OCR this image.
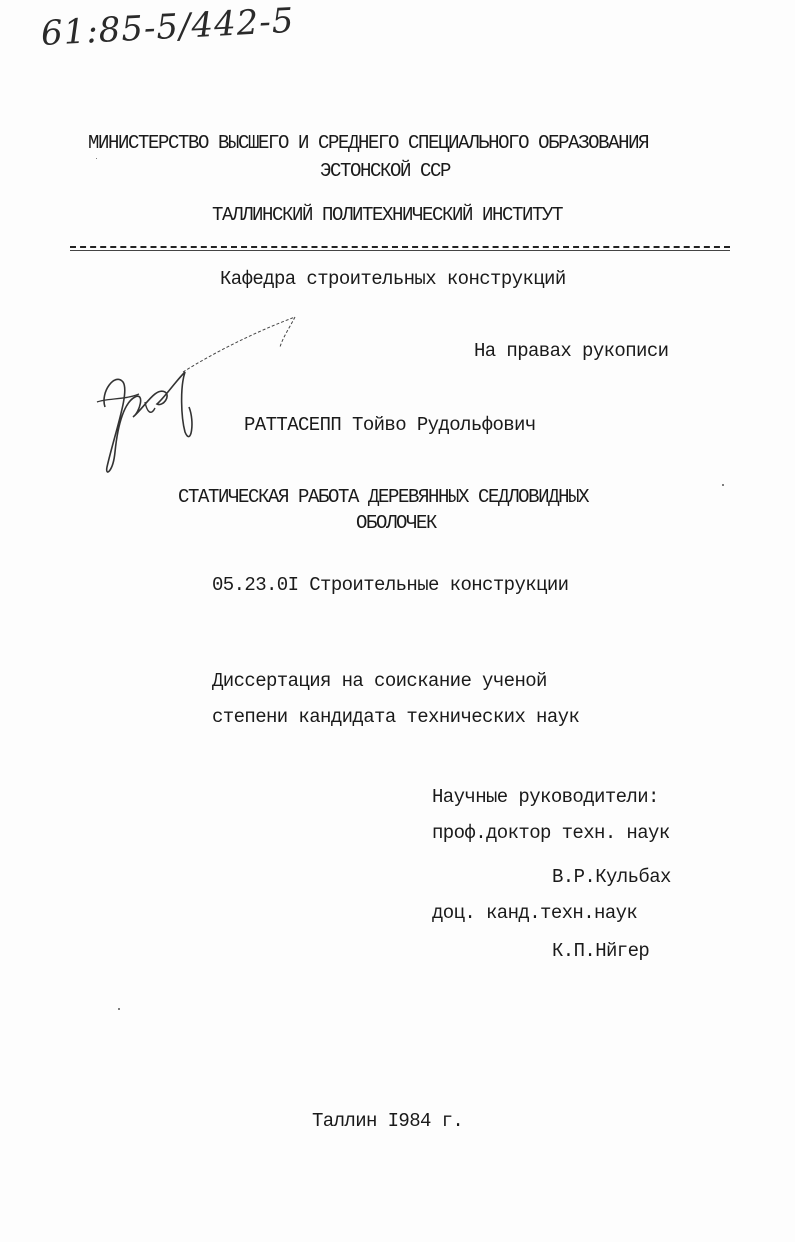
61:85-5/442-5
МИНИСТЕРСТВО ВЫСШЕГО И СРЕДНЕГО СПЕЦИАЛЬНОГО ОБРАЗОВАНИЯ
ЭСТОНСКОЙ ССР
ТАЛЛИНСКИЙ ПОЛИТЕХНИЧЕСКИЙ ИНСТИТУТ
Кафедра строительных конструкций
На правах рукописи
РАТТАСЕПП Тойво Рудольфович
СТАТИЧЕСКАЯ РАБОТА ДЕРЕВЯННЫХ СЕДЛОВИДНЫХ
ОБОЛОЧЕК
05.23.0I Строительные конструкции
Диссертация на соискание ученой
степени кандидата технических наук
Научные руководители:
проф.доктор техн. наук
В.Р.Кульбах
доц. канд.техн.наук
К.П.Нйгер
Таллин I984 г.
